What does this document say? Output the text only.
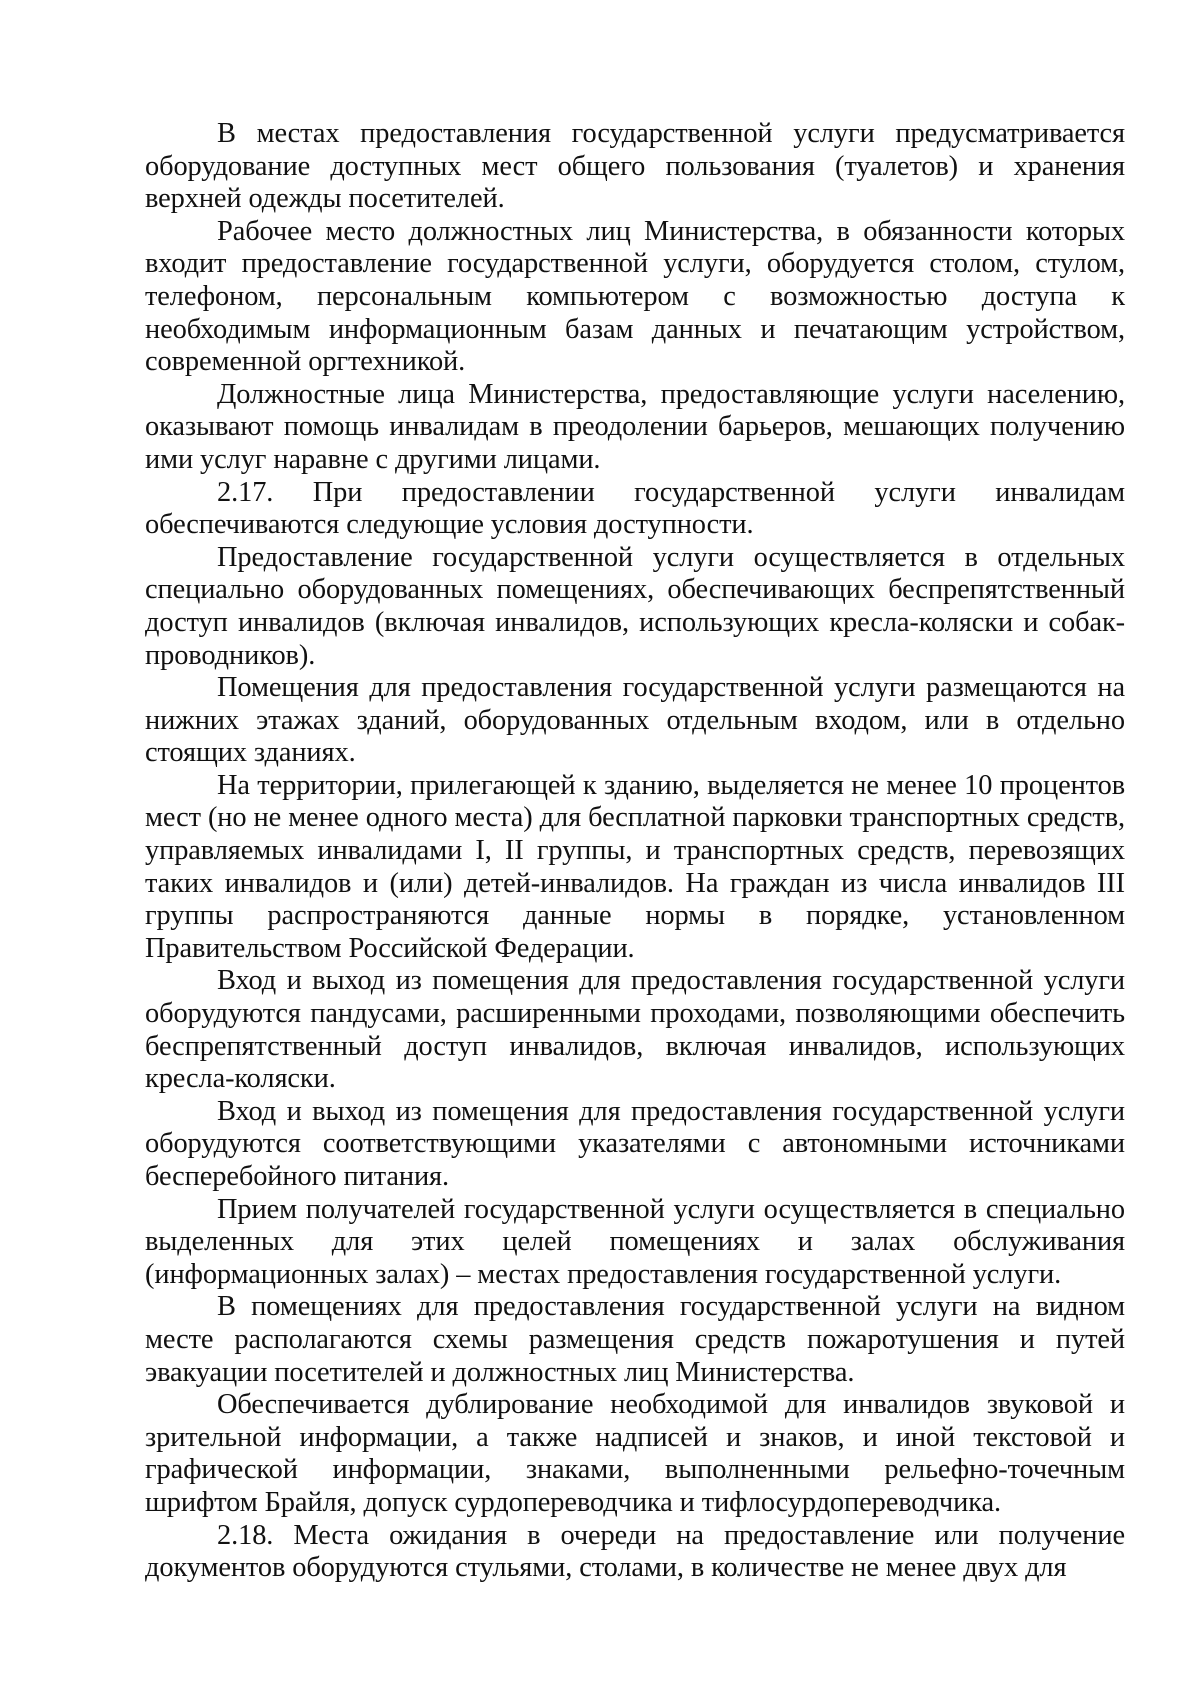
В местах предоставления государственной услуги предусматривается оборудование доступных мест общего пользования (туалетов) и хранения верхней одежды посетителей.

Рабочее место должностных лиц Министерства, в обязанности которых входит предоставление государственной услуги, оборудуется столом, стулом, телефоном, персональным компьютером с возможностью доступа к необходимым информационным базам данных и печатающим устройством, современной оргтехникой.

Должностные лица Министерства, предоставляющие услуги населению, оказывают помощь инвалидам в преодолении барьеров, мешающих получению ими услуг наравне с другими лицами.

2.17. При предоставлении государственной услуги инвалидам обеспечиваются следующие условия доступности.

Предоставление государственной услуги осуществляется в отдельных специально оборудованных помещениях, обеспечивающих беспрепятственный доступ инвалидов (включая инвалидов, использующих кресла-коляски и собак-проводников).

Помещения для предоставления государственной услуги размещаются на нижних этажах зданий, оборудованных отдельным входом, или в отдельно стоящих зданиях.

На территории, прилегающей к зданию, выделяется не менее 10 процентов мест (но не менее одного места) для бесплатной парковки транспортных средств, управляемых инвалидами I, II группы, и транспортных средств, перевозящих таких инвалидов и (или) детей-инвалидов. На граждан из числа инвалидов III группы распространяются данные нормы в порядке, установленном Правительством Российской Федерации.

Вход и выход из помещения для предоставления государственной услуги оборудуются пандусами, расширенными проходами, позволяющими обеспечить беспрепятственный доступ инвалидов, включая инвалидов, использующих кресла-коляски.

Вход и выход из помещения для предоставления государственной услуги оборудуются соответствующими указателями с автономными источниками бесперебойного питания.

Прием получателей государственной услуги осуществляется в специально выделенных для этих целей помещениях и залах обслуживания (информационных залах) – местах предоставления государственной услуги.

В помещениях для предоставления государственной услуги на видном месте располагаются схемы размещения средств пожаротушения и путей эвакуации посетителей и должностных лиц Министерства.

Обеспечивается дублирование необходимой для инвалидов звуковой и зрительной информации, а также надписей и знаков, и иной текстовой и графической информации, знаками, выполненными рельефно-точечным шрифтом Брайля, допуск сурдопереводчика и тифлосурдопереводчика.

2.18. Места ожидания в очереди на предоставление или получение документов оборудуются стульями, столами, в количестве не менее двух для
